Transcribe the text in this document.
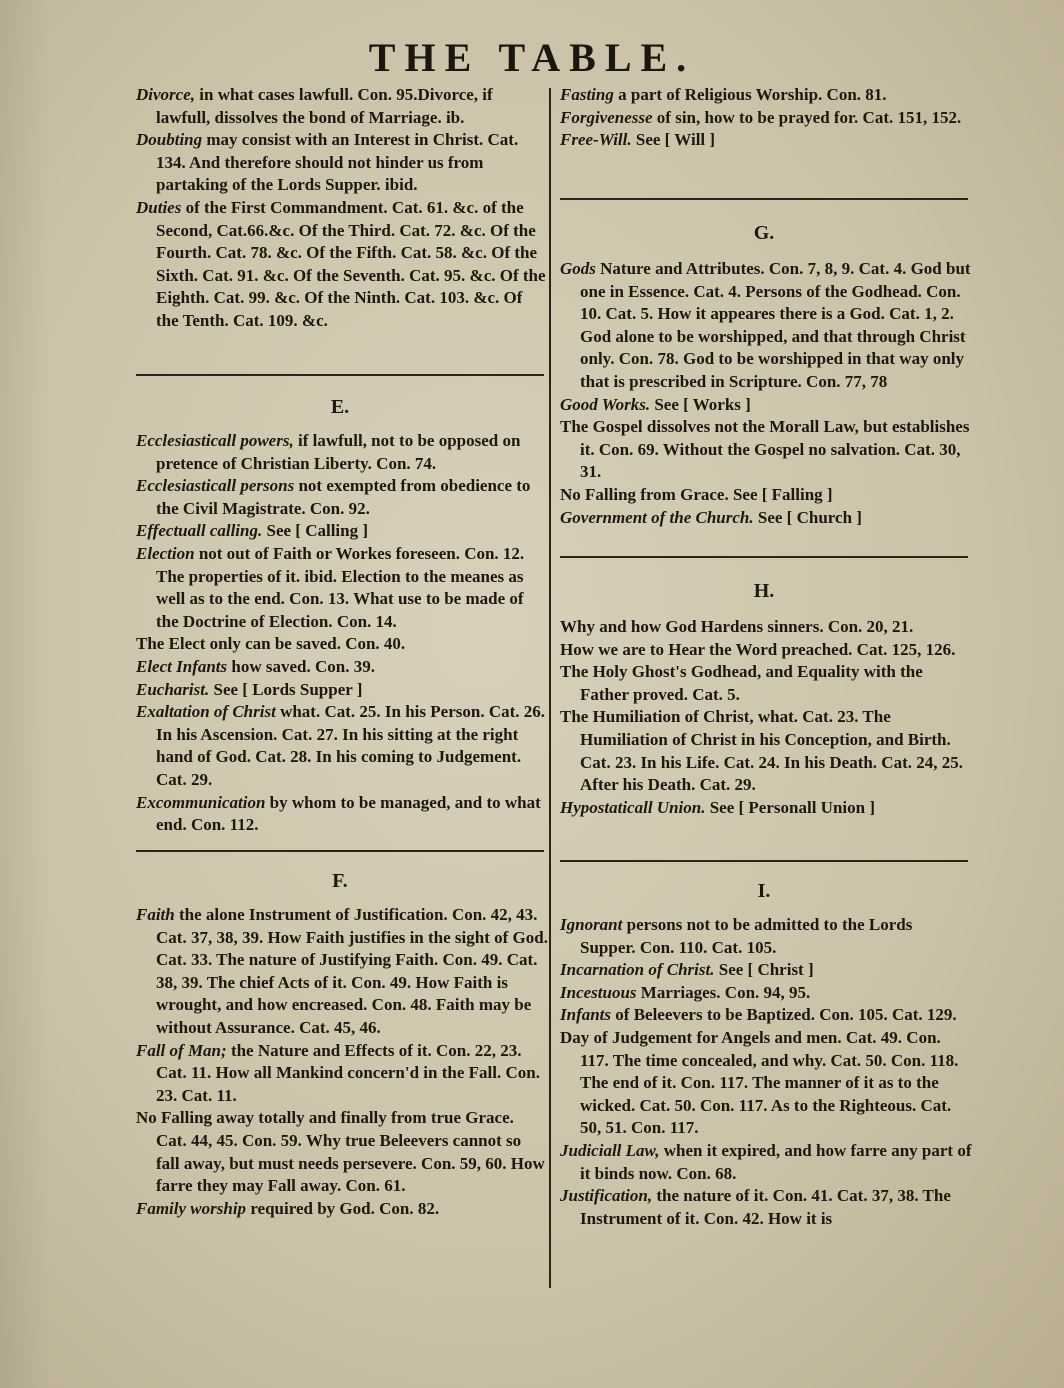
THE TABLE.

Divorce, in what cases lawfull. Con. 95.Divorce, if lawfull, dissolves the bond of Marriage. ib.

Doubting may consist with an Interest in Christ. Cat. 134. And therefore should not hinder us from partaking of the Lords Supper. ibid.

Duties of the First Commandment. Cat. 61. &c. of the Second, Cat.66.&c. Of the Third. Cat. 72. &c. Of the Fourth. Cat. 78. &c. Of the Fifth. Cat. 58. &c. Of the Sixth. Cat. 91. &c. Of the Seventh. Cat. 95. &c. Of the Eighth. Cat. 99. &c. Of the Ninth. Cat. 103. &c. Of the Tenth. Cat. 109. &c.

E.

Ecclesiasticall powers, if lawfull, not to be opposed on pretence of Christian Liberty. Con. 74.

Ecclesiasticall persons not exempted from obedience to the Civil Magistrate. Con. 92.

Effectuall calling. See [ Calling ]

Election not out of Faith or Workes foreseen. Con. 12. The properties of it. ibid. Election to the meanes as well as to the end. Con. 13. What use to be made of the Doctrine of Election. Con. 14.

The Elect only can be saved. Con. 40.

Elect Infants how saved. Con. 39.

Eucharist. See [ Lords Supper ]

Exaltation of Christ what. Cat. 25. In his Person. Cat. 26. In his Ascension. Cat. 27. In his sitting at the right hand of God. Cat. 28. In his coming to Judgement. Cat. 29.

Excommunication by whom to be managed, and to what end. Con. 112.

F.

Faith the alone Instrument of Justification. Con. 42, 43. Cat. 37, 38, 39. How Faith justifies in the sight of God. Cat. 33. The nature of Justifying Faith. Con. 49. Cat. 38, 39. The chief Acts of it. Con. 49. How Faith is wrought, and how encreased. Con. 48. Faith may be without Assurance. Cat. 45, 46.

Fall of Man; the Nature and Effects of it. Con. 22, 23. Cat. 11. How all Mankind concern'd in the Fall. Con. 23. Cat. 11.

No Falling away totally and finally from true Grace. Cat. 44, 45. Con. 59. Why true Beleevers cannot so fall away, but must needs persevere. Con. 59, 60. How farre they may Fall away. Con. 61.

Family worship required by God. Con. 82.

Fasting a part of Religious Worship. Con. 81.

Forgivenesse of sin, how to be prayed for. Cat. 151, 152.

Free-Will. See [ Will ]

G.

Gods Nature and Attributes. Con. 7, 8, 9. Cat. 4. God but one in Essence. Cat. 4. Persons of the Godhead. Con. 10. Cat. 5. How it appeares there is a God. Cat. 1, 2. God alone to be worshipped, and that through Christ only. Con. 78. God to be worshipped in that way only that is prescribed in Scripture. Con. 77, 78

Good Works. See [ Works ]

The Gospel dissolves not the Morall Law, but establishes it. Con. 69. Without the Gospel no salvation. Cat. 30, 31.

No Falling from Grace. See [ Falling ]

Government of the Church. See [ Church ]

H.

Why and how God Hardens sinners. Con. 20, 21.

How we are to Hear the Word preached. Cat. 125, 126.

The Holy Ghost's Godhead, and Equality with the Father proved. Cat. 5.

The Humiliation of Christ, what. Cat. 23. The Humiliation of Christ in his Conception, and Birth. Cat. 23. In his Life. Cat. 24. In his Death. Cat. 24, 25. After his Death. Cat. 29.

Hypostaticall Union. See [ Personall Union ]

I.

Ignorant persons not to be admitted to the Lords Supper. Con. 110. Cat. 105.

Incarnation of Christ. See [ Christ ]

Incestuous Marriages. Con. 94, 95.

Infants of Beleevers to be Baptized. Con. 105. Cat. 129.

Day of Judgement for Angels and men. Cat. 49. Con. 117. The time concealed, and why. Cat. 50. Con. 118. The end of it. Con. 117. The manner of it as to the wicked. Cat. 50. Con. 117. As to the Righteous. Cat. 50, 51. Con. 117.

Judiciall Law, when it expired, and how farre any part of it binds now. Con. 68.

Justification, the nature of it. Con. 41. Cat. 37, 38. The Instrument of it. Con. 42. How it is
